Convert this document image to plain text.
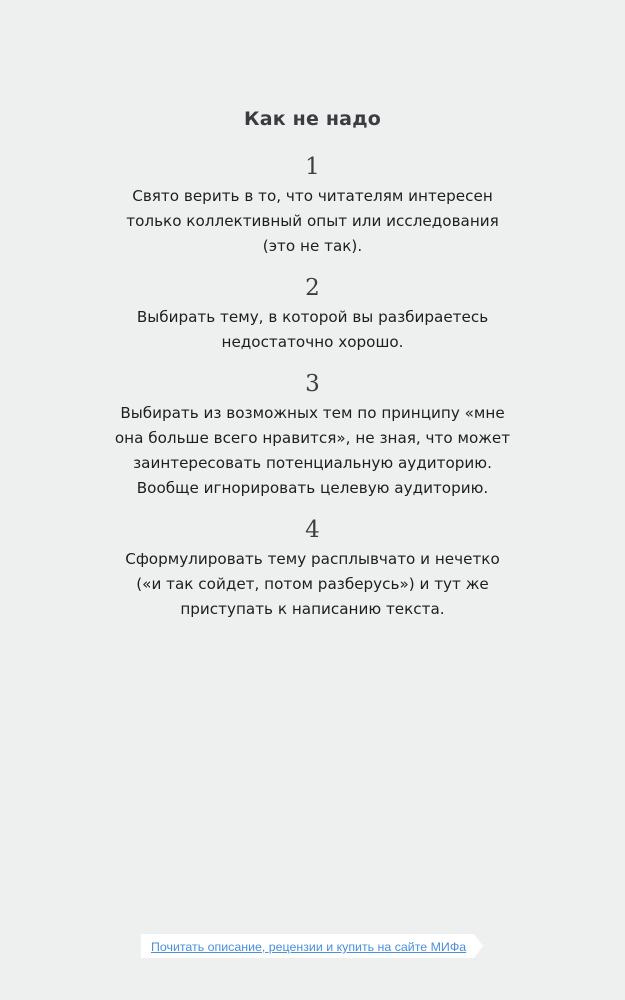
Как не надо
1
Свято верить в то, что читателям интересен
только коллективный опыт или исследования
(это не так).
2
Выбирать тему, в которой вы разбираетесь
недостаточно хорошо.
3
Выбирать из возможных тем по принципу «мне
она больше всего нравится», не зная, что может
заинтересовать потенциальную аудиторию.
Вообще игнорировать целевую аудиторию.
4
Сформулировать тему расплывчато и нечетко
(«и так сойдет, потом разберусь») и тут же
приступать к написанию текста.
Почитать описание, рецензии и купить на сайте МИФа
